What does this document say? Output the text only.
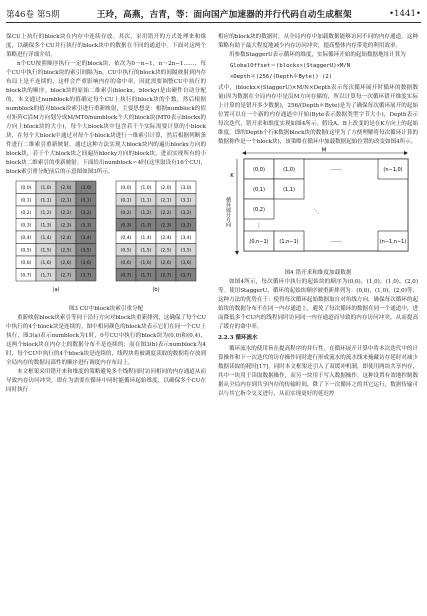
第46卷 第5期	王玲，高燕，吉青，等：面向国产加速器的并行代码自动生成框架	•1441•

保CU上执行的block块在内存中连续存放。其次，采用错开的方式处理来和维度，以确保多个CU并行执行的block块中的数据在不同的通道中。下面对这两个策略进行详细介绍。

n个CU按照顺序执行一定的block块，依次为0～n−1，n～2n−1……，每个CU中执行的block块的索引间隔为n。CU中执行的block块的间隔映射到内存布局上是不连续的，这样会严重影响内存的命中率，因此需要调整CU中执行的block块的顺序。block块的原始二维索引(blockx，blocky)是由硬件自动分配的，本文通过numblock的值确定每个CU上执行的block块的个数，然后根据numblock的值对block块索引进行重新映射，主要思想是：根据numblock的值对矩阵C沿M方向划分成M/MT0/numblock个大的block块(MT0表示blockx的方向上block块的大小)，每个大block块中包含若干个实际需要计算的小block块，在每个大block中通过对每个小block块进行一维索引计算，然后根据列断条件进行二维索引重新映射，通过这种方法实现大block块内的遍历blockx方向的block块，若干个大block块之间遍历blocky方向的block块，进而实现所有的小block块二维索引的重新映射。下面给出numblock＝4时(这里取设有16个CU)，block索引重分配前后的示意图如图3所示。

(0,0) (1,0) (2,0) (3,0)
(0,1) (1,1) (2,1) (3,1)
(0,2) (1,2) (2,2) (3,2)
(0,3) (1,3) (2,3) (3,3)
(0,4) (1,4) (2,4) (3,4)
(0,5) (1,5) (2,5) (3,5)
(0,6) (1,6) (2,6) (3,6)
(0,7) (1,7) (2,7) (3,7)
(0,0) (1,0) (2,0) (3,0)
(0,1) (1,1) (2,1) (3,1)
(0,2) (1,2) (2,2) (3,2)
(0,3) (1,3) (2,3) (3,3)
(0,4) (1,4) (2,4) (3,4)
(0,5) (1,5) (2,5) (3,5)
(0,6) (1,6) (2,6) (3,6)
(0,7) (1,7) (2,7) (3,7)
(a)	(b)
图3 CU中block块索引重分配

重新映射block块索引等同于沿行方向对block块重新排列，这确保了每个CU中执行的4个block块是连续的。图中相同颜色的block块表示它们在同一个CU上执行，图3(a)表示numblock为1时，0号CU中执行的block块为(0,0)和(0,4)，这两个block块在内存上的数据分布不是连续的；而在图3(b)表示numblock为4时，每个CU中执行的4个block块是连续的，线程块将被调度读取的数据将存放到全局内存的数据局部性的顺序进行调度内存布局上。

本文框架采用错开来和维度的策略避免多个线程同时访问相同的内存通道从而导致内存访问冲突，即在为需要在循环中同时能循环起始维度，以确保多个CU在同时执行

相应的block块的数据时，从全局内存中加载数据能够访问不同的内存通道。这种策略有助于最大程度地减少内存访问冲突，提高整体内存带宽的利用效率。

用参数StaggerU表示循环的维度，实际循环开始的起始数据地址计算为

GlobalOffset＝(blockx×(StaggerU)×M/N
×Depth＊(256/(Depth＊Byte)) (2)

式中，(blockx×(StaggerU)×M/N×Depth表示每次循环展开时循环的数据数量(因为数据在全局内存中是沿M方向存储的，所以计算每一次循环错开维度实际上计算的是错开多少数据)，256/(Depth＊Byte)是为了确保每次循环展开的起始位置可以在一个新的内存通道中开始(Byte表示数据类型字节大小)，Depth表示每次迭代，错开求和维度实现如图4所示，假设A、B上改变的是在K方向上的起始维度，即的Depth个行K数据block块的数据(这里为了方便理解将每次循环计算的数据称作是一个block块)，该策略在循环中加载数据起始位置的改变如图4所示。

M
K
循环展开方向
(0,0)	(1,0)	(n−1,0)
……
(0,1)	(1,1)
(0,2)	⋱
⋮
(0,n−1) (1,n−1)	(n−1,n−1)
……
图4 错开求和维度加载数据

如图4所示，每次循环中执行的起始块的顺序为(0,0)，(1,0)，(1,0)，(2,0)等。使用StaggerU，循环的起始块顺序被重新排列为：(0,0)，(1,0)，(2,0)等，这种方法的优势在于：使得每次循环起始数据取自对角线方向，确保每次循环的起始块的数据分布不在同一内存通道上，避免了每次循环的数据在同一个通道中，进而降低多个CU内的线程同时访问同一内存通道而导致的内存访问冲突，从而提高了缓存的命中率。

2.2.3 循环流水

循环流水的使用旨在提高程序的并行性，在循环展开计算中将本次迭代中的计算操作和下一次迭代的访存操作同时进行形成流水的流水线来掩藏访存延时对减少数据读取的耗时[17]。同时本文框架还引入了双缓冲机制，即使用两块共享内存，其中一块用于读取数据操作，而另一块用于写入数据操作。这种设置有效地控制数据从全局内存到共享内存的传输时间，降了下一次循环之的其它运行，数据传输可以与其它指令交叉进行，从而实现更好的延迟控
